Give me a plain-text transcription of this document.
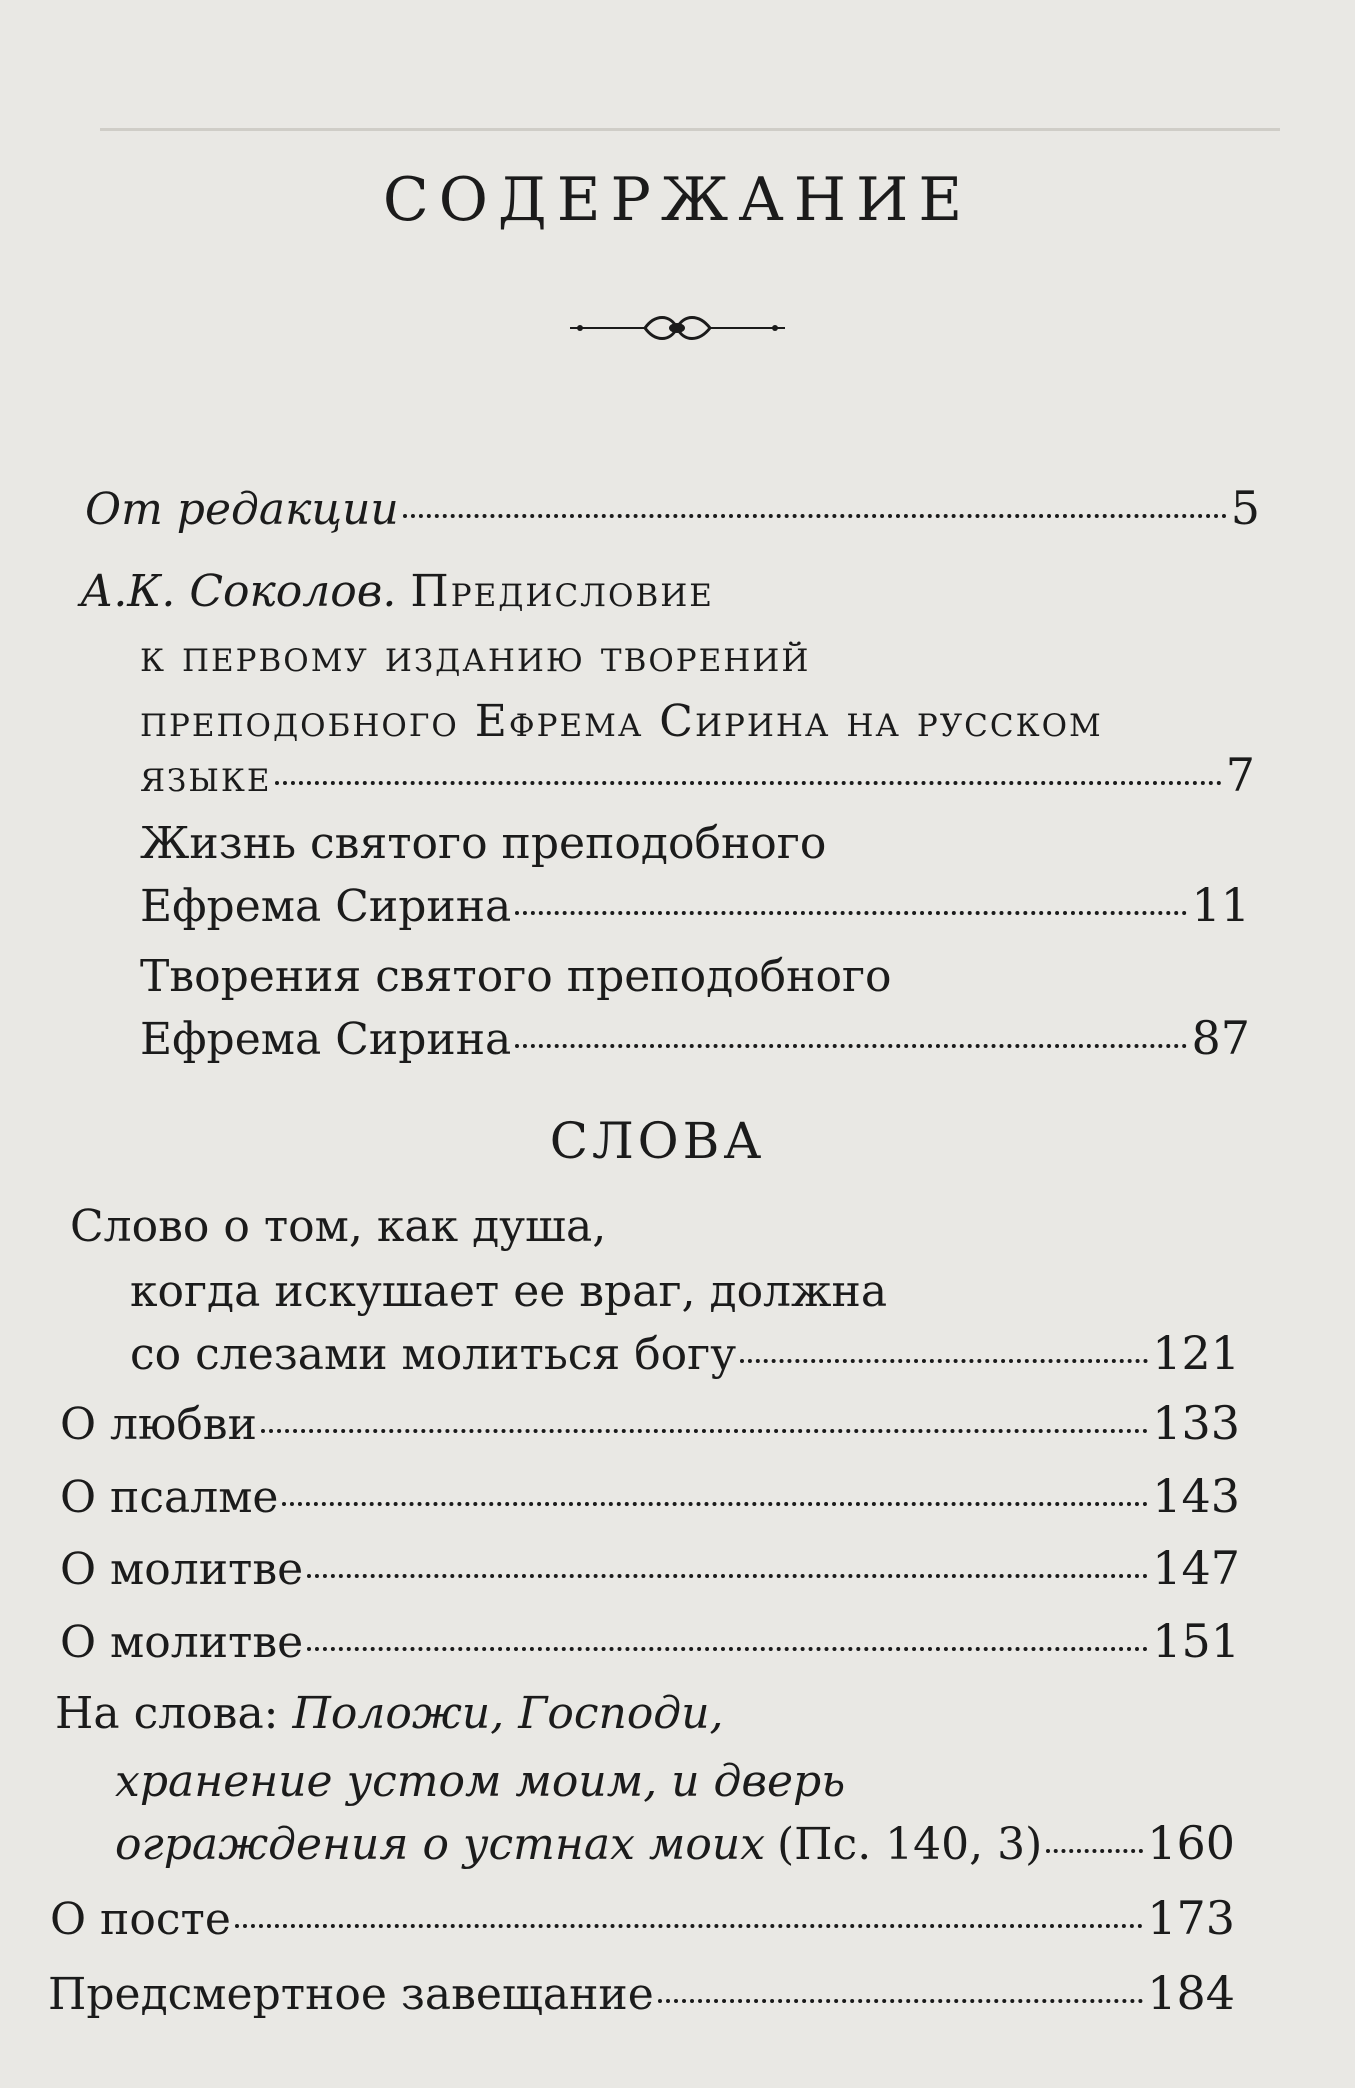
СОДЕРЖАНИЕ
От редакции	5
А.К. Соколов. Предисловие
к первому изданию творений
преподобного Ефрема Сирина на русском
языке	7
Жизнь святого преподобного
Ефрема Сирина	11
Творения святого преподобного
Ефрема Сирина	87
СЛОВА
Слово о том, как душа,
когда искушает ее враг, должна
со слезами молиться богу	121
О любви	133
О псалме	143
О молитве	147
О молитве	151
На слова: Положи, Господи,
хранение устом моим, и дверь
ограждения о устнах моих (Пс. 140, 3) 160
О посте	173
Предсмертное завещание	184
